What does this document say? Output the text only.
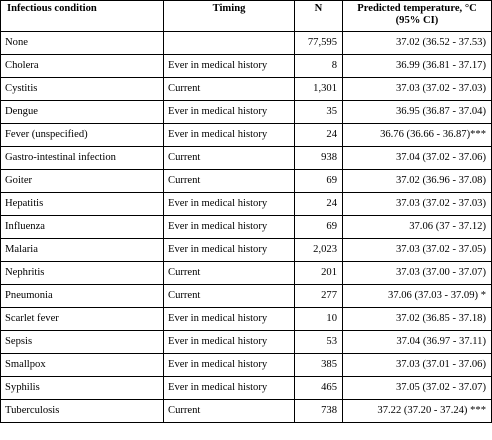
Infectious condition	Timing	N	Predicted temperature, °C
(95% CI)
None		77,595	37.02 (36.52 - 37.53)
Cholera	Ever in medical history	8	36.99 (36.81 - 37.17)
Cystitis	Current	1,301	37.03 (37.02 - 37.03)
Dengue	Ever in medical history	35	36.95 (36.87 - 37.04)
Fever (unspecified)	Ever in medical history	24	36.76 (36.66 - 36.87)***
Gastro-intestinal infection	Current	938	37.04 (37.02 - 37.06)
Goiter	Current	69	37.02 (36.96 - 37.08)
Hepatitis	Ever in medical history	24	37.03 (37.02 - 37.03)
Influenza	Ever in medical history	69	37.06 (37 - 37.12)
Malaria	Ever in medical history	2,023	37.03 (37.02 - 37.05)
Nephritis	Current	201	37.03 (37.00 - 37.07)
Pneumonia	Current	277	37.06 (37.03 - 37.09) *
Scarlet fever	Ever in medical history	10	37.02 (36.85 - 37.18)
Sepsis	Ever in medical history	53	37.04 (36.97 - 37.11)
Smallpox	Ever in medical history	385	37.03 (37.01 - 37.06)
Syphilis	Ever in medical history	465	37.05 (37.02 - 37.07)
Tuberculosis	Current	738	37.22 (37.20 - 37.24) ***
